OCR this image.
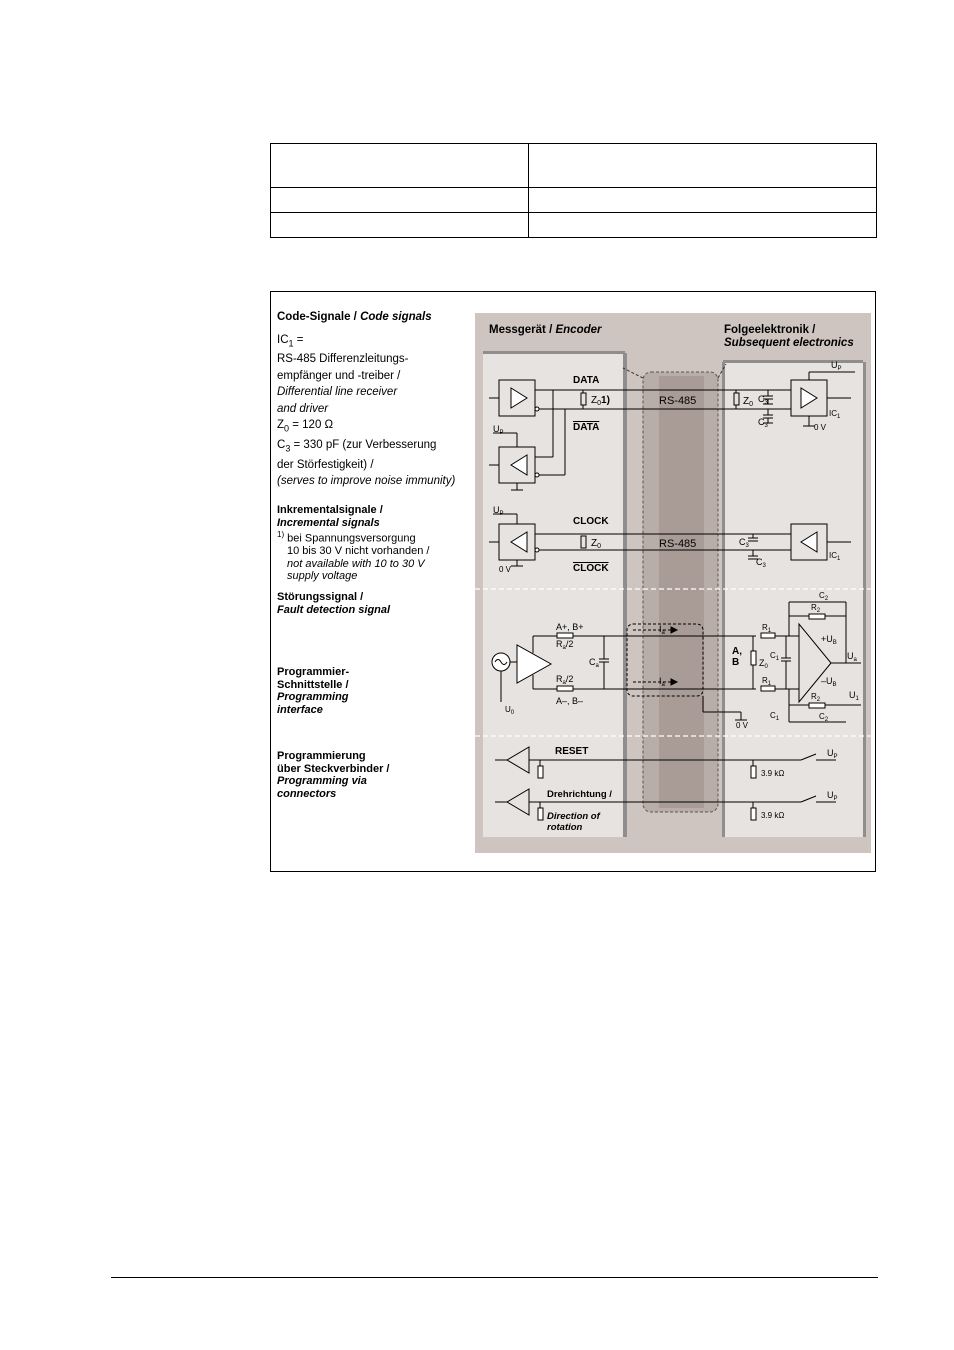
Code-Signale / Code signals
$IC_1$ =
RS-485 Differenzleitungs-
empfänger und -treiber /
Differential line receiver
and driver
$Z_0 = 120$ Ω
$C_3 = 330$ pF (zur Verbesserung
der Störfestigkeit) /
(serves to improve noise immunity)
Inkrementalsignale /
Incremental signals
$^{1)}$ bei Spannungsversorgung
10 bis 30 V nicht vorhanden /
not available with 10 to 30 V
supply voltage
Störungssignal /
Fault detection signal
Programmier-
Schnittstelle /
Programming
interface
Programmierung
über Steckverbinder /
Programming via
connectors
Messgerät / Encoder	Folgeelektronik /
Subsequent electronics
DATA
DATA
$Z_01$)	RS-485	$Z_0$
$C_3$
$C_3$
$U_P$
$IC_1$
0 V
$U_P$
$U_P$
CLOCK
CLOCK
$Z_0$	RS-485	$C_3$
$C_3$
$IC_1$
0 V
A+, B+
$R_a/2$
$R_a/2$
A–, B–
$C_a$
$I_a$
$I_a$
$U_0$
0 V
A,
B $Z_0$
$R_1$
$R_1$
$C_1$
$C_1$
$R_2$
$C_2$
$R_2$
$C_2$
$+U_B$
$-U_B$
$U_a$
$U_1$
RESET	$U_P$
3.9 kΩ
Drehrichtung /
Direction of
rotation
$U_P$
3.9 kΩ
